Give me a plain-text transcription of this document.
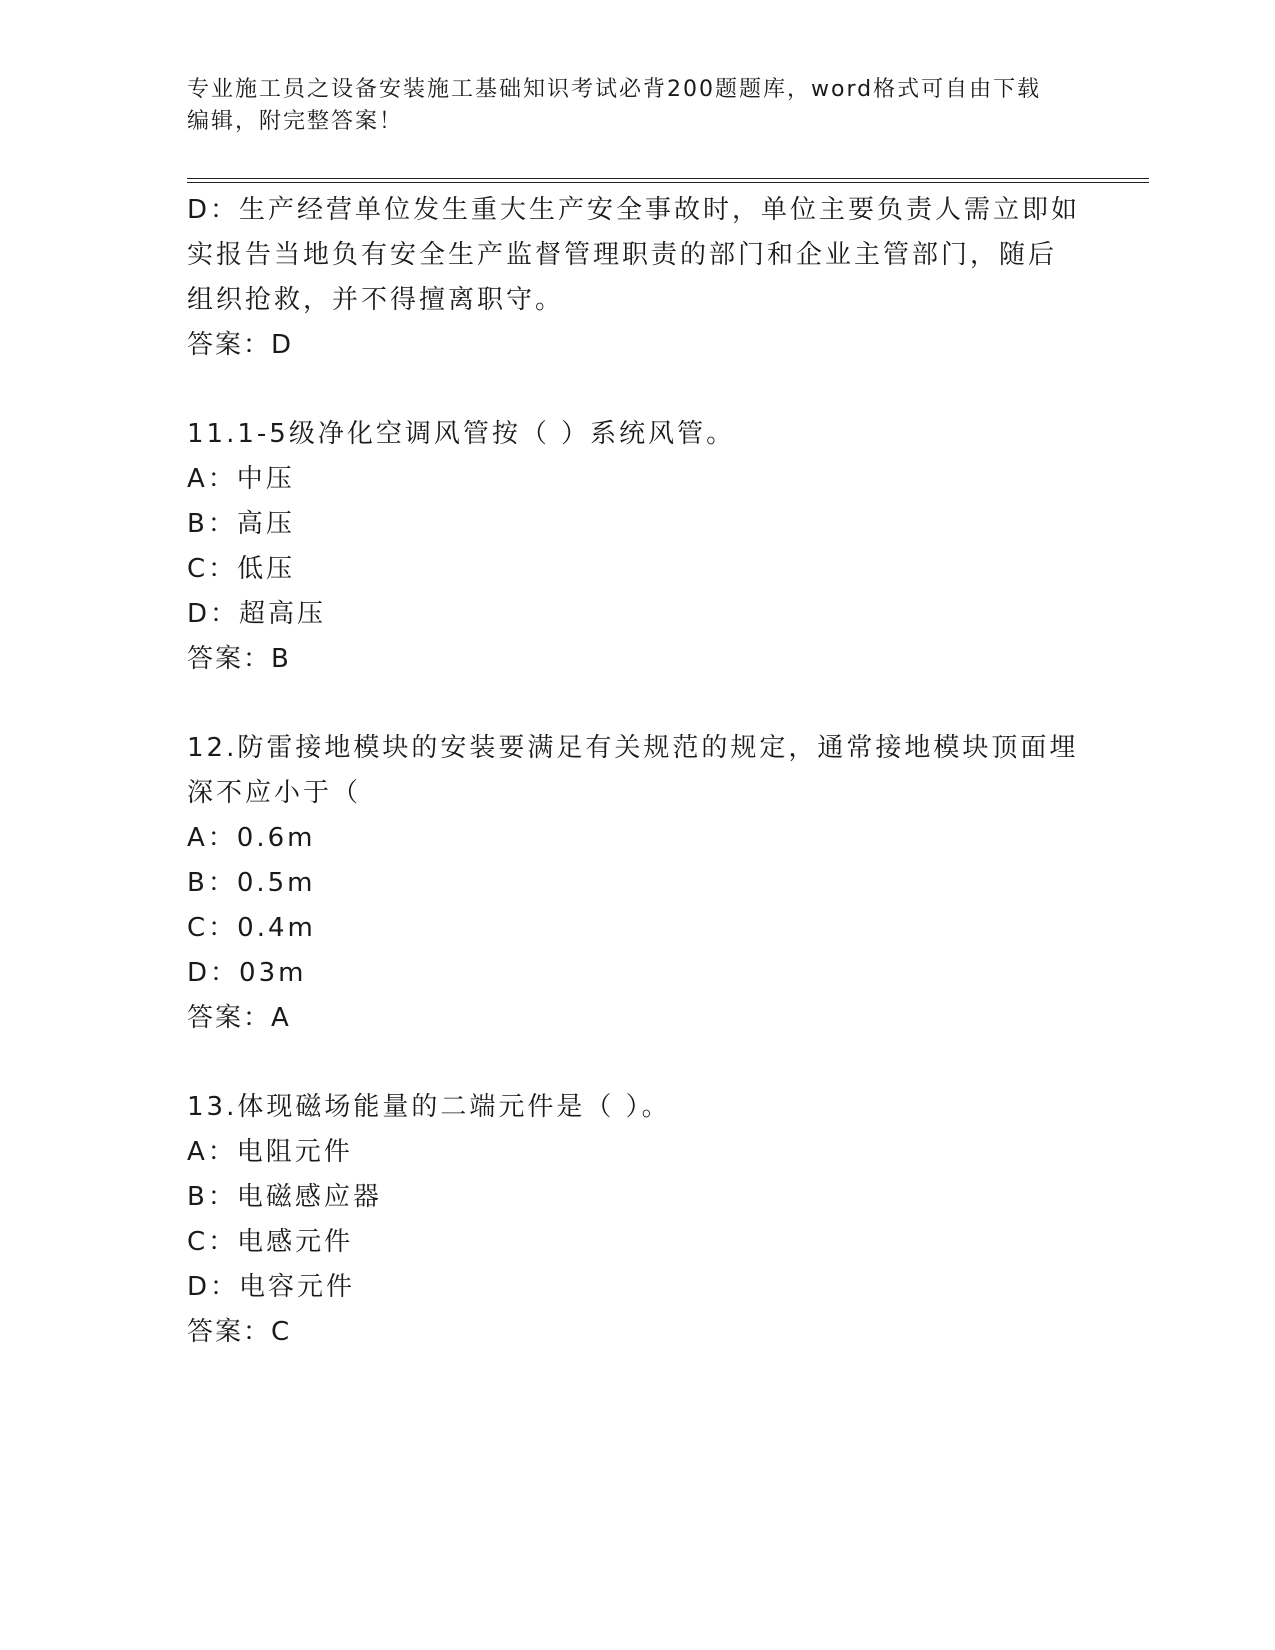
专业施工员之设备安装施工基础知识考试必背200题题库，word格式可自由下载
编辑，附完整答案！
D：生产经营单位发生重大生产安全事故时，单位主要负责人需立即如
实报告当地负有安全生产监督管理职责的部门和企业主管部门，随后
组织抢救，并不得擅离职守。
答案：D
11.1-5级净化空调风管按（ ）系统风管。
A：中压
B：高压
C：低压
D：超高压
答案：B
12.防雷接地模块的安装要满足有关规范的规定，通常接地模块顶面埋
深不应小于（
A：0.6m
B：0.5m
C：0.4m
D：03m
答案：A
13.体现磁场能量的二端元件是（ ）。
A：电阻元件
B：电磁感应器
C：电感元件
D：电容元件
答案：C
